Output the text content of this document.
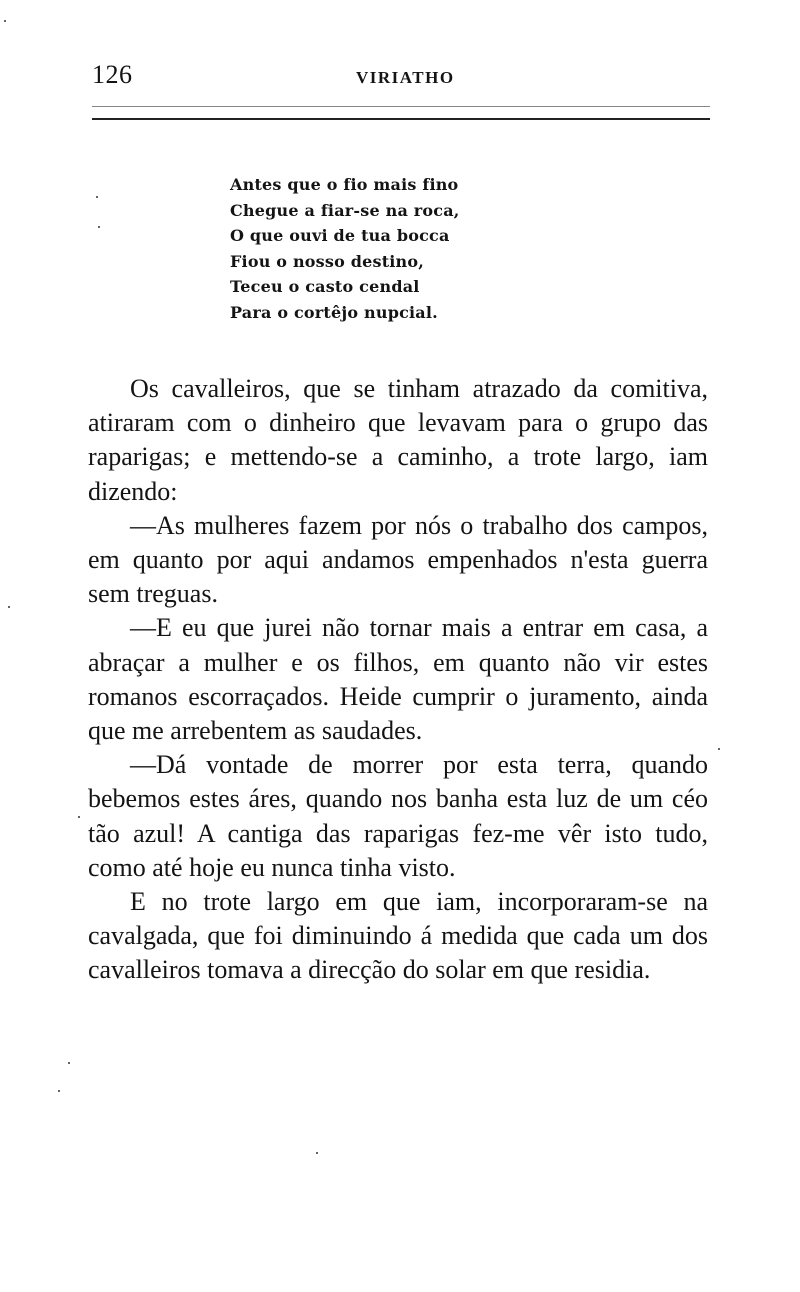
126	VIRIATHO
Antes que o fio mais fino
Chegue a fiar-se na roca,
O que ouvi de tua bocca
Fiou o nosso destino,
Teceu o casto cendal
Para o cortêjo nupcial.

Os cavalleiros, que se tinham atrazado da comitiva, atiraram com o dinheiro que levavam para o grupo das raparigas; e mettendo-se a caminho, a trote largo, iam dizendo:

—As mulheres fazem por nós o trabalho dos campos, em quanto por aqui andamos empenhados n'esta guerra sem treguas.

—E eu que jurei não tornar mais a entrar em casa, a abraçar a mulher e os filhos, em quanto não vir estes romanos escorraçados. Heide cumprir o juramento, ainda que me arrebentem as saudades.

—Dá vontade de morrer por esta terra, quando bebemos estes áres, quando nos banha esta luz de um céo tão azul! A cantiga das raparigas fez-me vêr isto tudo, como até hoje eu nunca tinha visto.

E no trote largo em que iam, incorporaram-se na cavalgada, que foi diminuindo á medida que cada um dos cavalleiros tomava a direcção do solar em que residia.
